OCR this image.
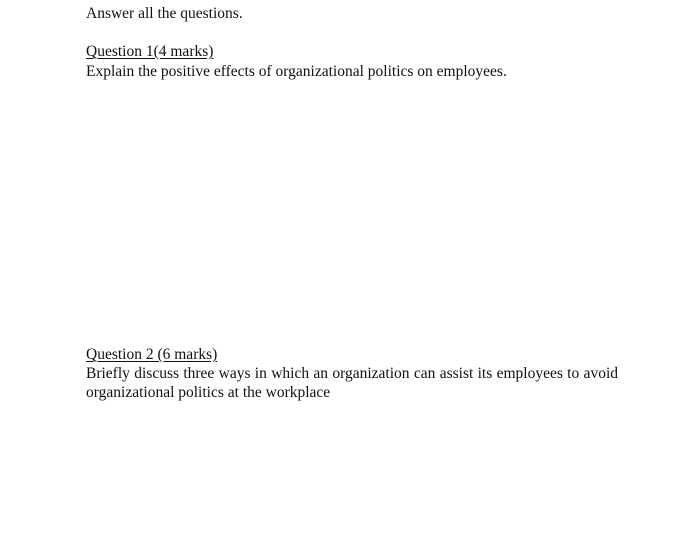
Answer all the questions.
Question 1(4 marks)
Explain the positive effects of organizational politics on employees.
Question 2 (6 marks)
Briefly discuss three ways in which an organization can assist its employees to avoid organizational politics at the workplace
